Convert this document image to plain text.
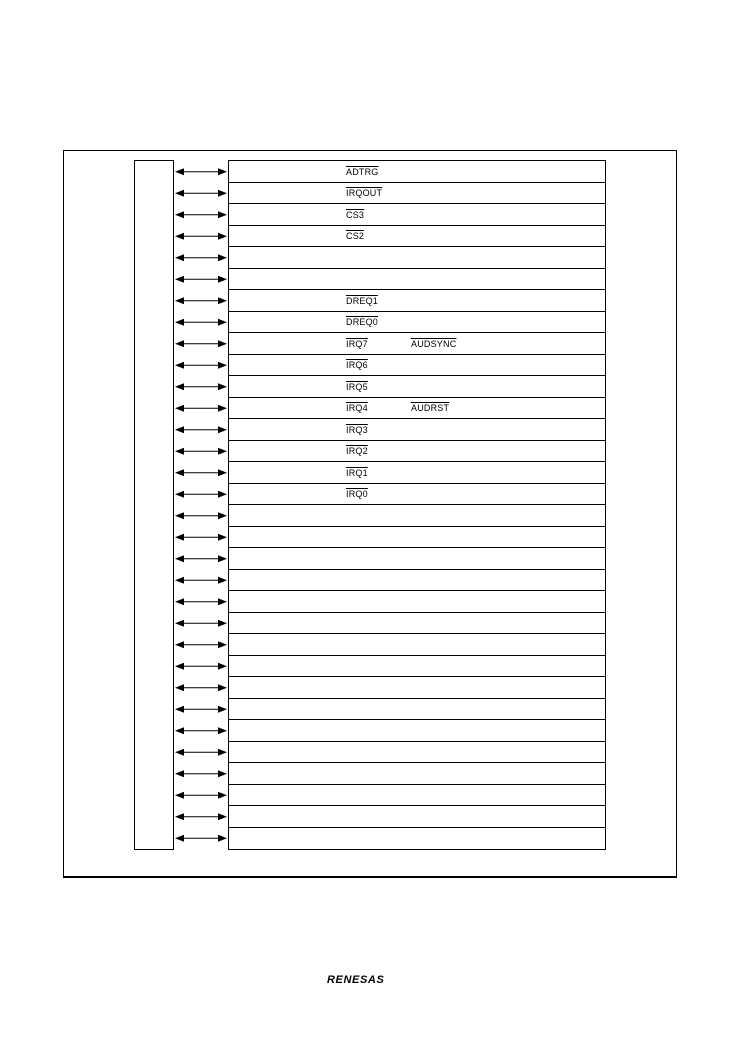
ADTRG
IRQOUT
CS3
CS2
DREQ1
DREQ0
IRQ7	AUDSYNC
IRQ6
IRQ5
IRQ4	AUDRST
IRQ3
IRQ2
IRQ1
IRQ0
RENESAS
